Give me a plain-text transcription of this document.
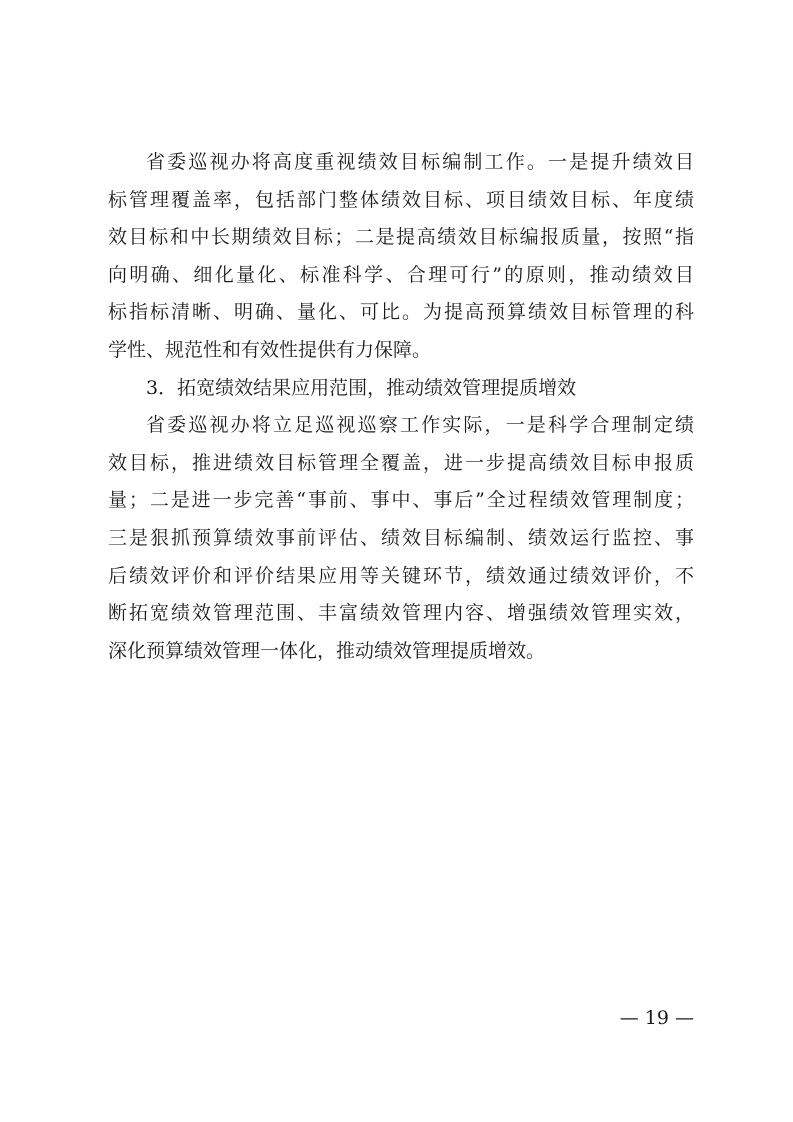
省委巡视办将高度重视绩效目标编制工作。一是提升绩效目
标管理覆盖率，包括部门整体绩效目标、项目绩效目标、年度绩
效目标和中长期绩效目标；二是提高绩效目标编报质量，按照“指
向明确、细化量化、标准科学、合理可行”的原则，推动绩效目
标指标清晰、明确、量化、可比。为提高预算绩效目标管理的科
学性、规范性和有效性提供有力保障。
3．拓宽绩效结果应用范围，推动绩效管理提质增效
省委巡视办将立足巡视巡察工作实际，一是科学合理制定绩
效目标，推进绩效目标管理全覆盖，进一步提高绩效目标申报质
量；二是进一步完善“事前、事中、事后”全过程绩效管理制度；
三是狠抓预算绩效事前评估、绩效目标编制、绩效运行监控、事
后绩效评价和评价结果应用等关键环节，绩效通过绩效评价，不
断拓宽绩效管理范围、丰富绩效管理内容、增强绩效管理实效，
深化预算绩效管理一体化，推动绩效管理提质增效。
— 19 —
